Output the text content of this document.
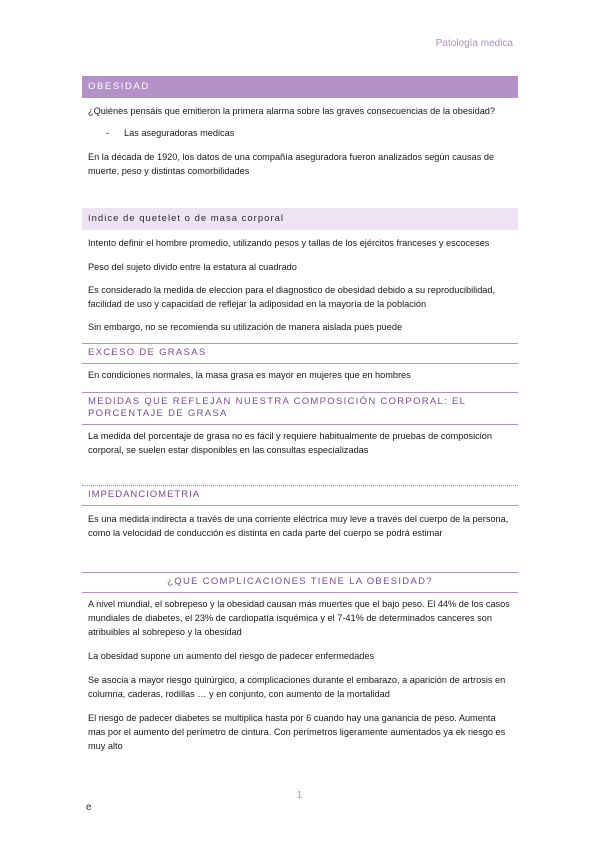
Patología medica
OBESIDAD

¿Quiénes pensáis que emitieron la primera alarma sobre las graves consecuencias de la obesidad?

-	Las aseguradoras medicas

En la década de 1920, los datos de una compañía aseguradora fueron analizados según causas de muerte, peso y distintas comorbilidades

índice de quetelet o de masa corporal

Intento definir el hombre promedio, utilizando pesos y tallas de los ejércitos franceses y escoceses

Peso del sujeto divido entre la estatura al cuadrado

Es considerado la medida de eleccion para el diagnostico de obesidad debido a su reproducibilidad, facilidad de uso y capacidad de reflejar la adiposidad en la mayoría de la población

Sin embargo, no se recomienda su utilización de manera aislada pues puede

EXCESO DE GRASAS

En condiciones normales, la masa grasa es mayor en mujeres que en hombres

MEDIDAS QUE REFLEJAN NUESTRA COMPOSICIÓN CORPORAL: EL PORCENTAJE DE GRASA

La medida del porcentaje de grasa no es fácil y requiere habitualmente de pruebas de composicion corporal, se suelen estar disponibles en las consultas especializadas

IMPEDANCIOMETRIA

Es una medida indirecta a través de una corriente eléctrica muy leve a través del cuerpo de la persona, como la velocidad de conducción es distinta en cada parte del cuerpo se podrá estimar

¿QUE COMPLICACIONES TIENE LA OBESIDAD?

A nivel mundial, el sobrepeso y la obesidad causan más muertes que el bajo peso. El 44% de los casos mundiales de diabetes, el 23% de cardiopatía isquémica y el 7-41% de determinados canceres son atribuibles al sobrepeso y la obesidad

La obesidad supone un aumento del riesgo de padecer enfermedades

Se asocia a mayor riesgo quirúrgico, a complicaciones durante el embarazo, a aparición de artrosis en columna, caderas, rodillas … y en conjunto, con aumento de la mortalidad

El riesgo de padecer diabetes se multiplica hasta por 6 cuando hay una ganancia de peso. Aumenta mas por el aumento del perímetro de cintura. Con perímetros ligeramente aumentados ya ek riesgo es muy alto

1
e
